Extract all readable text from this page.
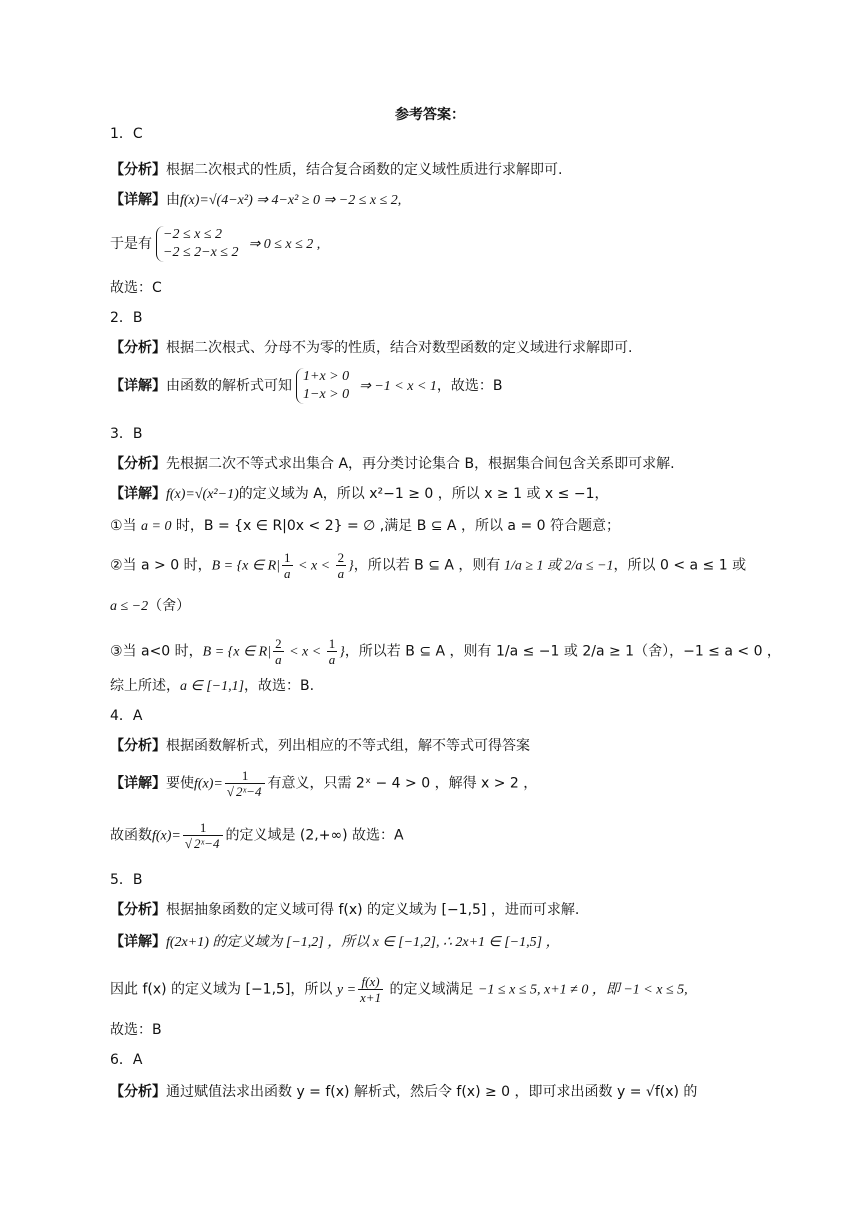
参考答案：
1．C
【分析】根据二次根式的性质，结合复合函数的定义域性质进行求解即可.
【详解】由f(x)=√(4−x²) ⇒ 4−x² ≥ 0 ⇒ −2 ≤ x ≤ 2,
于是有
−2 ≤ x ≤ 2
−2 ≤ 2−x ≤ 2
⇒ 0 ≤ x ≤ 2 ,
故选：C
2．B
【分析】根据二次根式、分母不为零的性质，结合对数型函数的定义域进行求解即可.
【详解】由函数的解析式可知
1+x > 0
1−x > 0
⇒ −1 < x < 1，故选：B
3．B
【分析】先根据二次不等式求出集合 A，再分类讨论集合 B，根据集合间包含关系即可求解.
【详解】f(x)=√(x²−1)的定义域为 A，所以 x²−1 ≥ 0 ，所以 x ≥ 1 或 x ≤ −1，
①当 a = 0 时，B = {x ∈ R|0x < 2} = ∅ ,满足 B ⊆ A ，所以 a = 0 符合题意；
②当 a > 0 时，B = {x ∈ $R| \frac{1}{a} < x < \frac{2}{a}$ }，所以若 B ⊆ A ，则有 1/a ≥ 1 或 2/a ≤ −1，所以 0 < a ≤ 1 或
a ≤ −2（舍）
③当 a<0 时，B = {x ∈ $R| \frac{2}{a} < x < \frac{1}{a}$ }，所以若 B ⊆ A ，则有 1/a ≤ −1 或 2/a ≥ 1（舍），−1 ≤ a < 0 ，
综上所述，a ∈ [−1,1]，故选：B.
4．A
【分析】根据函数解析式，列出相应的不等式组，解不等式可得答案
【详解】要使$f(x)= \frac{1}{\text{√ 2ˣ−4}}$ 有意义，只需 2ˣ − 4 > 0 ，解得 x > 2 ，
故函数$f(x)= \frac{1}{\text{√ 2ˣ−4}}$ 的定义域是 (2,+∞) 故选：A
5．B
【分析】根据抽象函数的定义域可得 f(x) 的定义域为 [−1,5] ，进而可求解.
【详解】f(2x+1) 的定义域为 [−1,2] ，所以 x ∈ [−1,2], ∴ 2x+1 ∈ [−1,5] ，
因此 f(x) 的定义域为 [−1,5]，所以 $y = \frac{f(x)}{x+1}$ 的定义域满足 −1 ≤ x ≤ 5, x+1 ≠ 0 ，即 −1 < x ≤ 5,
故选：B
6．A
【分析】通过赋值法求出函数 y = f(x) 解析式，然后令 f(x) ≥ 0 ，即可求出函数 y = √f(x) 的
